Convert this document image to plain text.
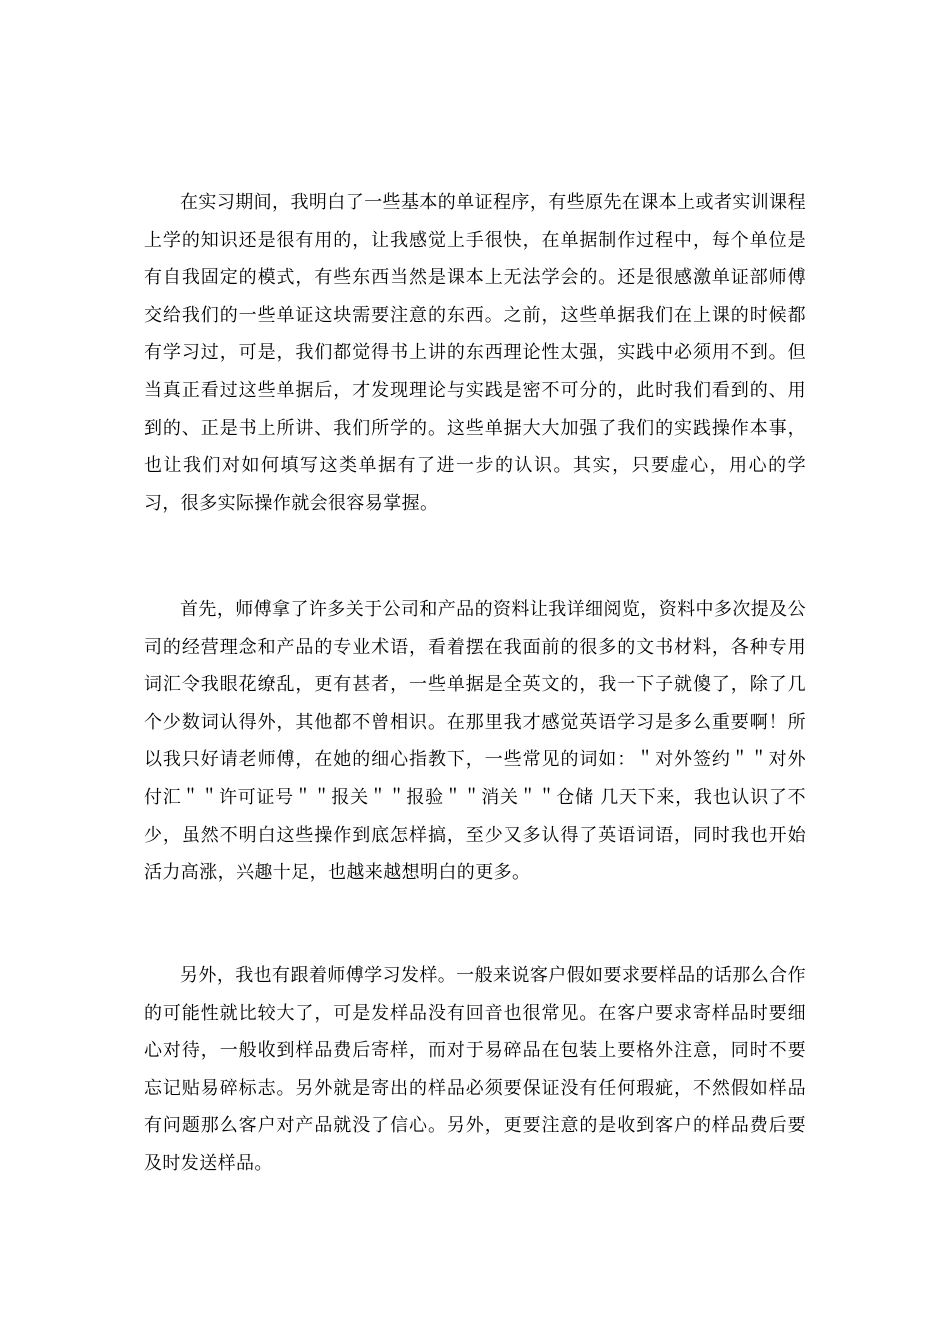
在实习期间，我明白了一些基本的单证程序，有些原先在课本上或者实训课程上学的知识还是很有用的，让我感觉上手很快，在单据制作过程中，每个单位是有自我固定的模式，有些东西当然是课本上无法学会的。还是很感激单证部师傅交给我们的一些单证这块需要注意的东西。之前，这些单据我们在上课的时候都有学习过，可是，我们都觉得书上讲的东西理论性太强，实践中必须用不到。但当真正看过这些单据后，才发现理论与实践是密不可分的，此时我们看到的、用到的、正是书上所讲、我们所学的。这些单据大大加强了我们的实践操作本事，也让我们对如何填写这类单据有了进一步的认识。其实，只要虚心，用心的学习，很多实际操作就会很容易掌握。

首先，师傅拿了许多关于公司和产品的资料让我详细阅览，资料中多次提及公司的经营理念和产品的专业术语，看着摆在我面前的很多的文书材料，各种专用词汇令我眼花缭乱，更有甚者，一些单据是全英文的，我一下子就傻了，除了几个少数词认得外，其他都不曾相识。在那里我才感觉英语学习是多么重要啊！所以我只好请老师傅，在她的细心指教下，一些常见的词如：＂对外签约＂＂对外付汇＂＂许可证号＂＂报关＂＂报验＂＂消关＂＂仓储 几天下来，我也认识了不少，虽然不明白这些操作到底怎样搞，至少又多认得了英语词语，同时我也开始活力高涨，兴趣十足，也越来越想明白的更多。

另外，我也有跟着师傅学习发样。一般来说客户假如要求要样品的话那么合作的可能性就比较大了，可是发样品没有回音也很常见。在客户要求寄样品时要细心对待，一般收到样品费后寄样，而对于易碎品在包装上要格外注意，同时不要忘记贴易碎标志。另外就是寄出的样品必须要保证没有任何瑕疵，不然假如样品有问题那么客户对产品就没了信心。另外，更要注意的是收到客户的样品费后要及时发送样品。
